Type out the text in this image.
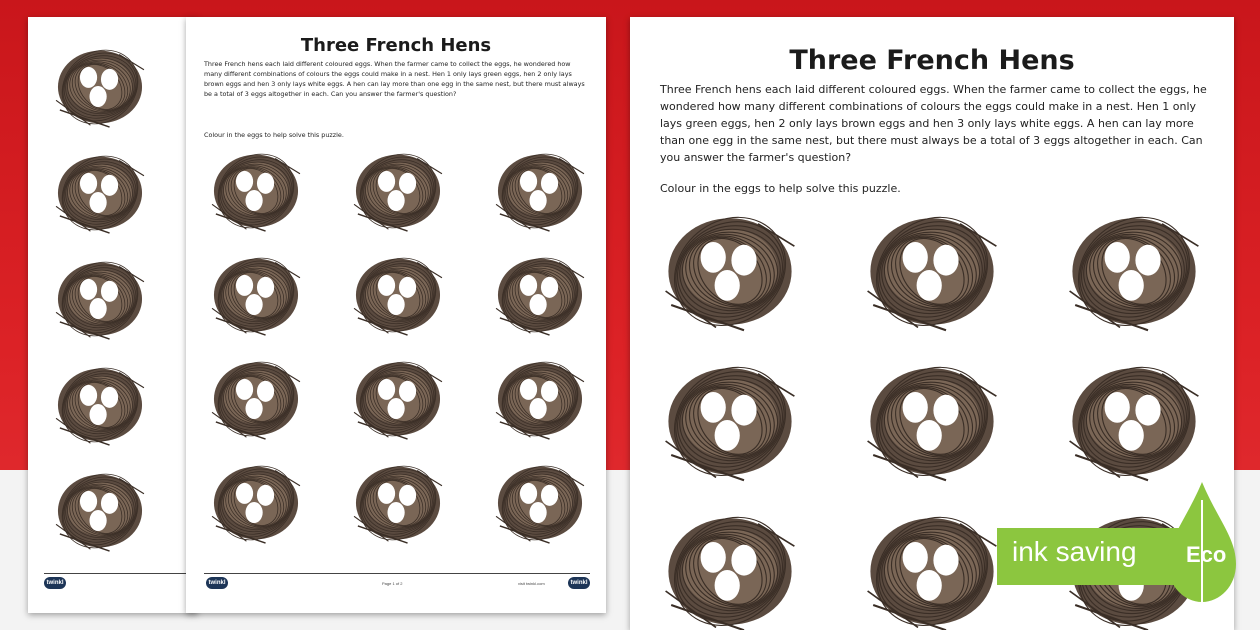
twinkl
Three French Hens
Three French hens each laid different coloured eggs. When the farmer came to collect the eggs, he wondered how many different combinations of colours the eggs could make in a nest. Hen 1 only lays green eggs, hen 2 only lays brown eggs and hen 3 only lays white eggs. A hen can lay more than one egg in the same nest, but there must always be a total of 3 eggs altogether in each. Can you answer the farmer's question?
Colour in the eggs to help solve this puzzle.
twinkl	Page 1 of 2	visit twinkl.com	twinkl
Three French Hens
Three French hens each laid different coloured eggs. When the farmer came to collect the eggs, he wondered how many different combinations of colours the eggs could make in a nest. Hen 1 only lays green eggs, hen 2 only lays brown eggs and hen 3 only lays white eggs. A hen can lay more than one egg in the same nest, but there must always be a total of 3 eggs altogether in each. Can you answer the farmer's question?
Colour in the eggs to help solve this puzzle.
ink saving Eco
